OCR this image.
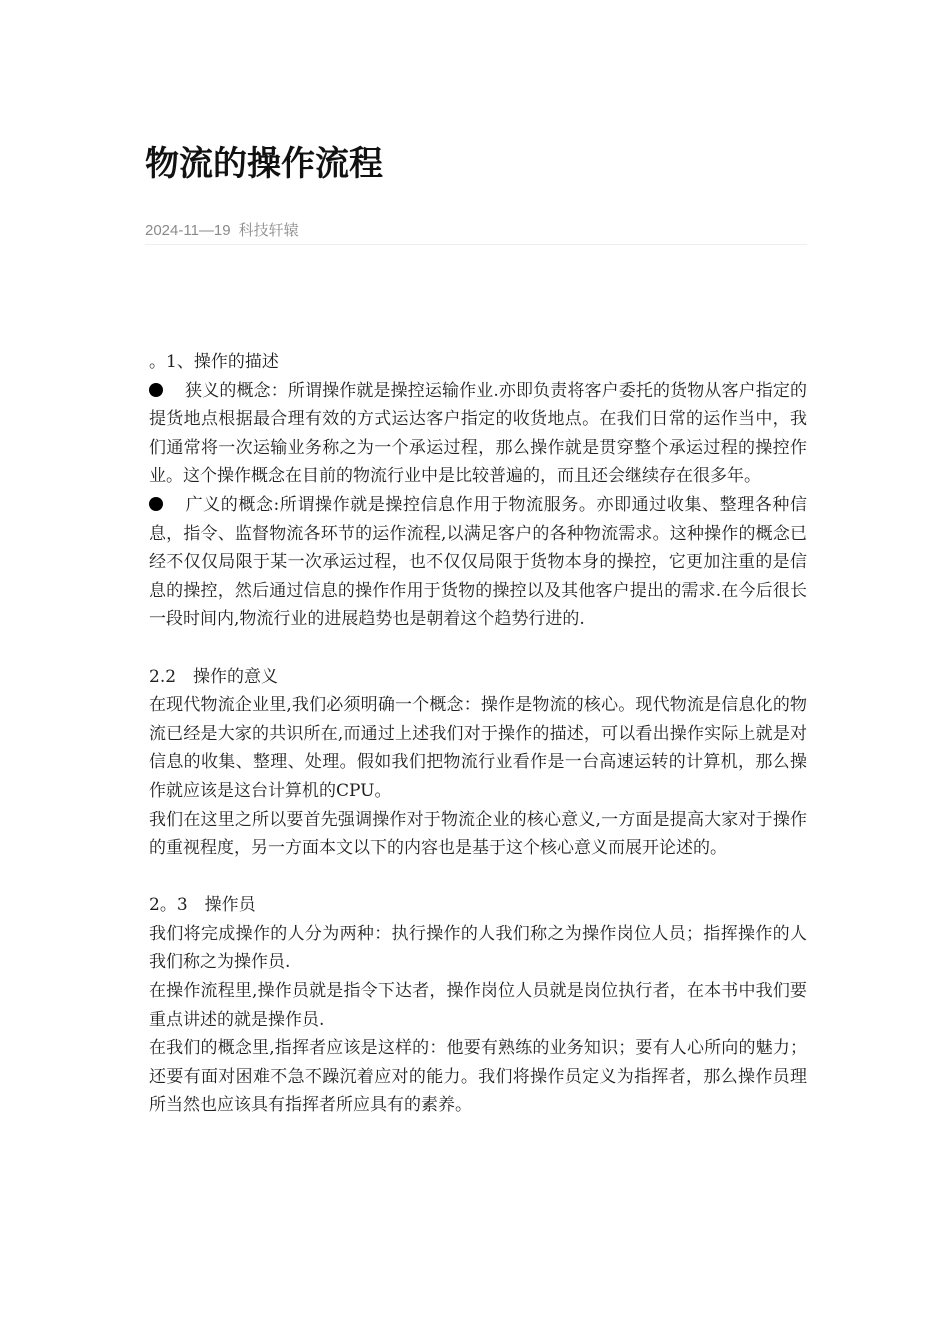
物流的操作流程
2024-11—19 科技轩辕

。1、操作的描述

狭义的概念：所谓操作就是操控运输作业.亦即负责将客户委托的货物从客户指定的提货地点根据最合理有效的方式运达客户指定的收货地点。在我们日常的运作当中，我们通常将一次运输业务称之为一个承运过程，那么操作就是贯穿整个承运过程的操控作业。这个操作概念在目前的物流行业中是比较普遍的，而且还会继续存在很多年。

广义的概念:所谓操作就是操控信息作用于物流服务。亦即通过收集、整理各种信息，指令、监督物流各环节的运作流程,以满足客户的各种物流需求。这种操作的概念已经不仅仅局限于某一次承运过程，也不仅仅局限于货物本身的操控，它更加注重的是信息的操控，然后通过信息的操作作用于货物的操控以及其他客户提出的需求.在今后很长一段时间内,物流行业的进展趋势也是朝着这个趋势行进的.

2.2　操作的意义

在现代物流企业里,我们必须明确一个概念：操作是物流的核心。现代物流是信息化的物流已经是大家的共识所在,而通过上述我们对于操作的描述，可以看出操作实际上就是对信息的收集、整理、处理。假如我们把物流行业看作是一台高速运转的计算机，那么操作就应该是这台计算机的CPU。

我们在这里之所以要首先强调操作对于物流企业的核心意义,一方面是提高大家对于操作的重视程度，另一方面本文以下的内容也是基于这个核心意义而展开论述的。

2。3　操作员

我们将完成操作的人分为两种：执行操作的人我们称之为操作岗位人员；指挥操作的人我们称之为操作员.

在操作流程里,操作员就是指令下达者，操作岗位人员就是岗位执行者，在本书中我们要重点讲述的就是操作员.

在我们的概念里,指挥者应该是这样的：他要有熟练的业务知识；要有人心所向的魅力；还要有面对困难不急不躁沉着应对的能力。我们将操作员定义为指挥者，那么操作员理所当然也应该具有指挥者所应具有的素养。
